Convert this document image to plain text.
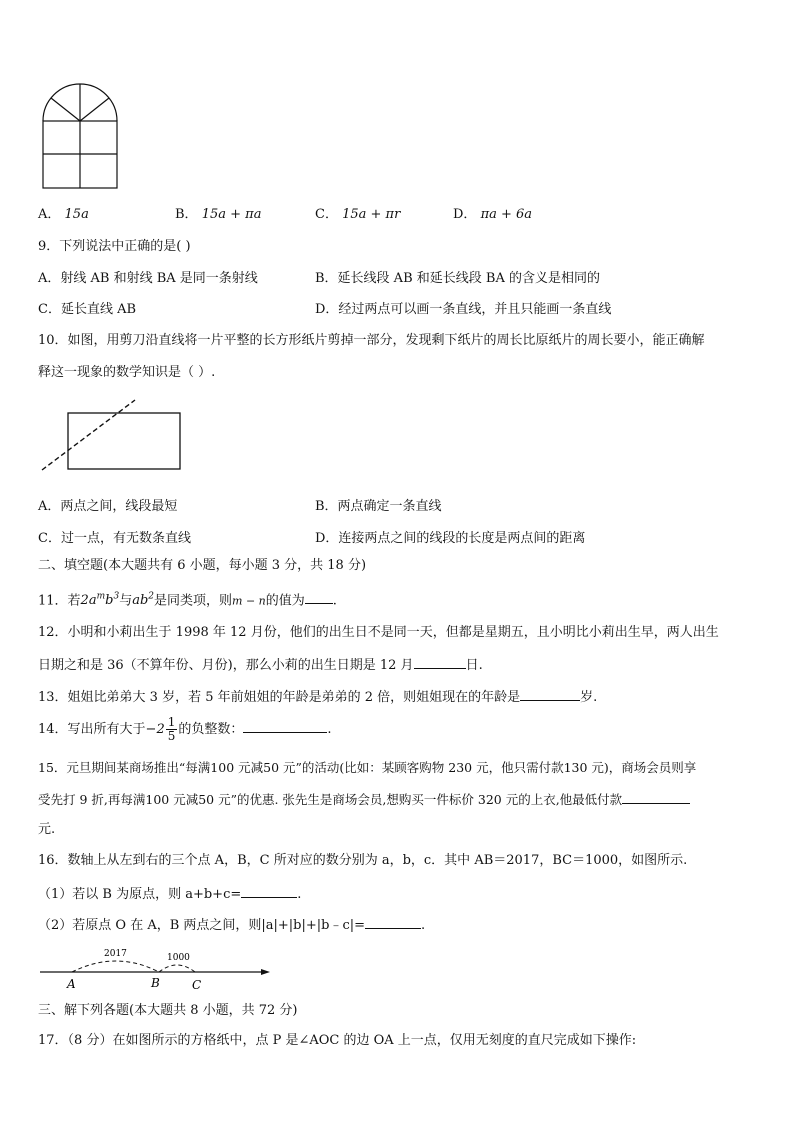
A． 15a	B． 15a + πa	C． 15a + πr	D． πa + 6a
9．下列说法中正确的是( )
A．射线 AB 和射线 BA 是同一条射线	B．延长线段 AB 和延长线段 BA 的含义是相同的
C．延长直线 AB	D．经过两点可以画一条直线，并且只能画一条直线
10．如图，用剪刀沿直线将一片平整的长方形纸片剪掉一部分，发现剩下纸片的周长比原纸片的周长要小，能正确解
释这一现象的数学知识是（ ）.
A．两点之间，线段最短	B．两点确定一条直线
C．过一点，有无数条直线	D．连接两点之间的线段的长度是两点间的距离
二、填空题(本大题共有 6 小题，每小题 3 分，共 18 分)
11．若$2a^mb^3$与$ab^2$是同类项，则m − n的值为 .
12．小明和小莉出生于 1998 年 12 月份，他们的出生日不是同一天，但都是星期五，且小明比小莉出生早，两人出生
日期之和是 36（不算年份、月份)，那么小莉的出生日期是 12 月	日.
13．姐姐比弟弟大 3 岁，若 5 年前姐姐的年龄是弟弟的 2 倍，则姐姐现在的年龄是	岁.
14．写出所有大于$-2 \frac{1}{5}$ 的负整数：	.
15．元旦期间某商场推出“每满100 元减50 元”的活动(比如：某顾客购物 230 元，他只需付款130 元)，商场会员则享
受先打 9 折,再每满100 元减50 元”的优惠. 张先生是商场会员,想购买一件标价 320 元的上衣,他最低付款
元.
16．数轴上从左到右的三个点 A，B，C 所对应的数分别为 a，b，c．其中 AB＝2017，BC＝1000，如图所示.
（1）若以 B 为原点，则 a+b+c=	.
（2）若原点 O 在 A，B 两点之间，则|a|+|b|+|b﹣c|=	.
2017	1000
A	B	C
三、解下列各题(本大题共 8 小题，共 72 分)
17．（8 分）在如图所示的方格纸中，点 P 是∠AOC 的边 OA 上一点，仅用无刻度的直尺完成如下操作:
